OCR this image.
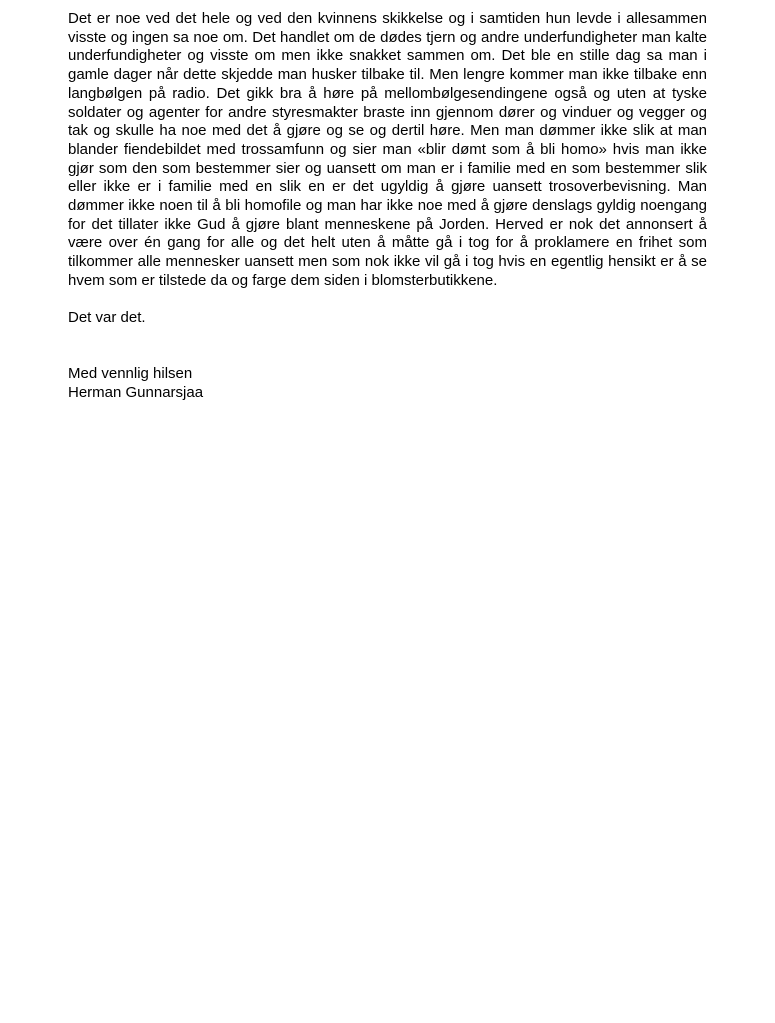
Det er noe ved det hele og ved den kvinnens skikkelse og i samtiden hun levde i allesammen visste og ingen sa noe om. Det handlet om de dødes tjern og andre underfundigheter man kalte underfundigheter og visste om men ikke snakket sammen om. Det ble en stille dag sa man i gamle dager når dette skjedde man husker tilbake til. Men lengre kommer man ikke tilbake enn langbølgen på radio. Det gikk bra å høre på mellombølgesendingene også og uten at tyske soldater og agenter for andre styresmakter braste inn gjennom dører og vinduer og vegger og tak og skulle ha noe med det å gjøre og se og dertil høre. Men man dømmer ikke slik at man blander fiendebildet med trossamfunn og sier man «blir dømt som å bli homo» hvis man ikke gjør som den som bestemmer sier og uansett om man er i familie med en som bestemmer slik eller ikke er i familie med en slik en er det ugyldig å gjøre uansett trosoverbevisning. Man dømmer ikke noen til å bli homofile og man har ikke noe med å gjøre denslags gyldig noengang for det tillater ikke Gud å gjøre blant menneskene på Jorden. Herved er nok det annonsert å være over én gang for alle og det helt uten å måtte gå i tog for å proklamere en frihet som tilkommer alle mennesker uansett men som nok ikke vil gå i tog hvis en egentlig hensikt er å se hvem som er tilstede da og farge dem siden i blomsterbutikkene.

Det var det.

Med vennlig hilsen

Herman Gunnarsjaa
